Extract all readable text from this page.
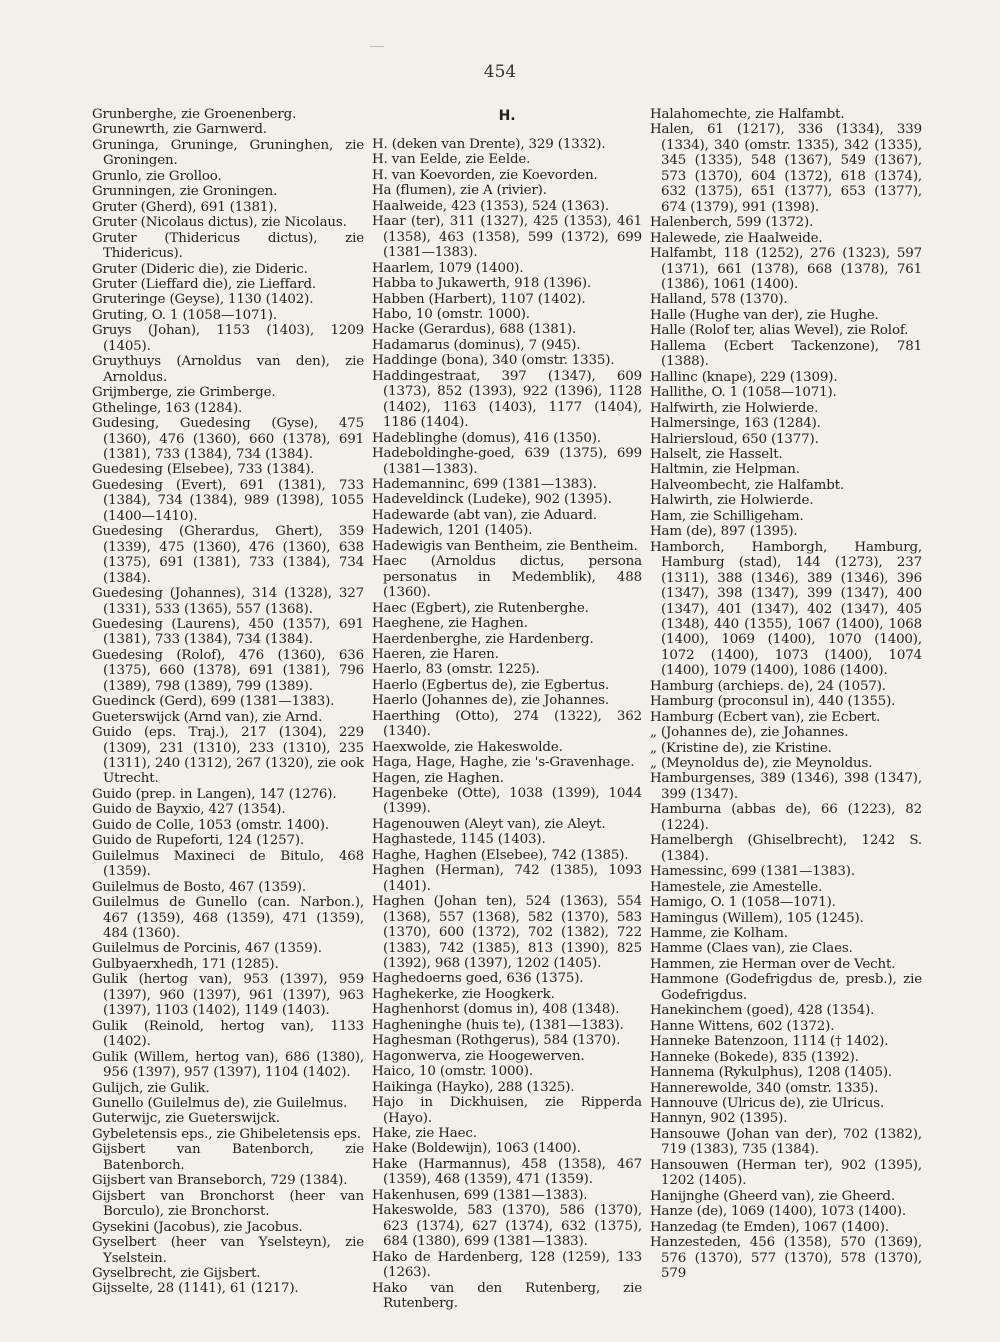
454

Grunberghe, zie Groenenberg.

Grunewrth, zie Garnwerd.

Gruninga, Gruninge, Gruninghen, zie Groningen.

Grunlo, zie Grolloo.

Grunningen, zie Groningen.

Gruter (Gherd), 691 (1381).

Gruter (Nicolaus dictus), zie Nicolaus.

Gruter (Thidericus dictus), zie Thidericus).

Gruter (Dideric die), zie Dideric.

Gruter (Lieffard die), zie Lieffard.

Gruteringe (Geyse), 1130 (1402).

Gruting, O. 1 (1058—1071).

Gruys (Johan), 1153 (1403), 1209 (1405).

Gruythuys (Arnoldus van den), zie Arnoldus.

Grijmberge, zie Grimberge.

Gthelinge, 163 (1284).

Gudesing, Guedesing (Gyse), 475 (1360), 476 (1360), 660 (1378), 691 (1381), 733 (1384), 734 (1384).

Guedesing (Elsebee), 733 (1384).

Guedesing (Evert), 691 (1381), 733 (1384), 734 (1384), 989 (1398), 1055 (1400—1410).

Guedesing (Gherardus, Ghert), 359 (1339), 475 (1360), 476 (1360), 638 (1375), 691 (1381), 733 (1384), 734 (1384).

Guedesing (Johannes), 314 (1328), 327 (1331), 533 (1365), 557 (1368).

Guedesing (Laurens), 450 (1357), 691 (1381), 733 (1384), 734 (1384).

Guedesing (Rolof), 476 (1360), 636 (1375), 660 (1378), 691 (1381), 796 (1389), 798 (1389), 799 (1389).

Guedinck (Gerd), 699 (1381—1383).

Gueterswijck (Arnd van), zie Arnd.

Guido (eps. Traj.), 217 (1304), 229 (1309), 231 (1310), 233 (1310), 235 (1311), 240 (1312), 267 (1320), zie ook Utrecht.

Guido (prep. in Langen), 147 (1276).

Guido de Bayxio, 427 (1354).

Guido de Colle, 1053 (omstr. 1400).

Guido de Rupeforti, 124 (1257).

Guilelmus Maxineci de Bitulo, 468 (1359).

Guilelmus de Bosto, 467 (1359).

Guilelmus de Gunello (can. Narbon.), 467 (1359), 468 (1359), 471 (1359), 484 (1360).

Guilelmus de Porcinis, 467 (1359).

Gulbyaerxhedh, 171 (1285).

Gulik (hertog van), 953 (1397), 959 (1397), 960 (1397), 961 (1397), 963 (1397), 1103 (1402), 1149 (1403).

Gulik (Reinold, hertog van), 1133 (1402).

Gulik (Willem, hertog van), 686 (1380), 956 (1397), 957 (1397), 1104 (1402).

Gulijch, zie Gulik.

Gunello (Guilelmus de), zie Guilelmus.

Guterwijc, zie Gueterswijck.

Gybeletensis eps., zie Ghibeletensis eps.

Gijsbert van Batenborch, zie Batenborch.

Gijsbert van Branseborch, 729 (1384).

Gijsbert van Bronchorst (heer van Borculo), zie Bronchorst.

Gysekini (Jacobus), zie Jacobus.

Gyselbert (heer van Yselsteyn), zie Yselstein.

Gyselbrecht, zie Gijsbert.

Gijsselte, 28 (1141), 61 (1217).

H.

H. (deken van Drente), 329 (1332).

H. van Eelde, zie Eelde.

H. van Koevorden, zie Koevorden.

Ha (flumen), zie A (rivier).

Haalweide, 423 (1353), 524 (1363).

Haar (ter), 311 (1327), 425 (1353), 461 (1358), 463 (1358), 599 (1372), 699 (1381—1383).

Haarlem, 1079 (1400).

Habba to Jukawerth, 918 (1396).

Habben (Harbert), 1107 (1402).

Habo, 10 (omstr. 1000).

Hacke (Gerardus), 688 (1381).

Hadamarus (dominus), 7 (945).

Haddinge (bona), 340 (omstr. 1335).

Haddingestraat, 397 (1347), 609 (1373), 852 (1393), 922 (1396), 1128 (1402), 1163 (1403), 1177 (1404), 1186 (1404).

Hadeblinghe (domus), 416 (1350).

Hadeboldinghe-goed, 639 (1375), 699 (1381—1383).

Hademanninc, 699 (1381—1383).

Hadeveldinck (Ludeke), 902 (1395).

Hadewarde (abt van), zie Aduard.

Hadewich, 1201 (1405).

Hadewigis van Bentheim, zie Bentheim.

Haec (Arnoldus dictus, persona personatus in Medemblik), 488 (1360).

Haec (Egbert), zie Rutenberghe.

Haeghene, zie Haghen.

Haerdenberghe, zie Hardenberg.

Haeren, zie Haren.

Haerlo, 83 (omstr. 1225).

Haerlo (Egbertus de), zie Egbertus.

Haerlo (Johannes de), zie Johannes.

Haerthing (Otto), 274 (1322), 362 (1340).

Haexwolde, zie Hakeswolde.

Haga, Hage, Haghe, zie 's-Gravenhage.

Hagen, zie Haghen.

Hagenbeke (Otte), 1038 (1399), 1044 (1399).

Hagenouwen (Aleyt van), zie Aleyt.

Haghastede, 1145 (1403).

Haghe, Haghen (Elsebee), 742 (1385).

Haghen (Herman), 742 (1385), 1093 (1401).

Haghen (Johan ten), 524 (1363), 554 (1368), 557 (1368), 582 (1370), 583 (1370), 600 (1372), 702 (1382), 722 (1383), 742 (1385), 813 (1390), 825 (1392), 968 (1397), 1202 (1405).

Haghedoerns goed, 636 (1375).

Haghekerke, zie Hoogkerk.

Haghenhorst (domus in), 408 (1348).

Hagheninghe (huis te), (1381—1383).

Haghesman (Rothgerus), 584 (1370).

Hagonwerva, zie Hoogewerven.

Haico, 10 (omstr. 1000).

Haikinga (Hayko), 288 (1325).

Hajo in Dickhuisen, zie Ripperda (Hayo).

Hake, zie Haec.

Hake (Boldewijn), 1063 (1400).

Hake (Harmannus), 458 (1358), 467 (1359), 468 (1359), 471 (1359).

Hakenhusen, 699 (1381—1383).

Hakeswolde, 583 (1370), 586 (1370), 623 (1374), 627 (1374), 632 (1375), 684 (1380), 699 (1381—1383).

Hako de Hardenberg, 128 (1259), 133 (1263).

Hako van den Rutenberg, zie Rutenberg.

Halahomechte, zie Halfambt.

Halen, 61 (1217), 336 (1334), 339 (1334), 340 (omstr. 1335), 342 (1335), 345 (1335), 548 (1367), 549 (1367), 573 (1370), 604 (1372), 618 (1374), 632 (1375), 651 (1377), 653 (1377), 674 (1379), 991 (1398).

Halenberch, 599 (1372).

Halewede, zie Haalweide.

Halfambt, 118 (1252), 276 (1323), 597 (1371), 661 (1378), 668 (1378), 761 (1386), 1061 (1400).

Halland, 578 (1370).

Halle (Hughe van der), zie Hughe.

Halle (Rolof ter, alias Wevel), zie Rolof.

Hallema (Ecbert Tackenzone), 781 (1388).

Hallinc (knape), 229 (1309).

Hallithe, O. 1 (1058—1071).

Halfwirth, zie Holwierde.

Halmersinge, 163 (1284).

Halriersloud, 650 (1377).

Halselt, zie Hasselt.

Haltmin, zie Helpman.

Halveombecht, zie Halfambt.

Halwirth, zie Holwierde.

Ham, zie Schilligeham.

Ham (de), 897 (1395).

Hamborch, Hamborgh, Hamburg, Hamburg (stad), 144 (1273), 237 (1311), 388 (1346), 389 (1346), 396 (1347), 398 (1347), 399 (1347), 400 (1347), 401 (1347), 402 (1347), 405 (1348), 440 (1355), 1067 (1400), 1068 (1400), 1069 (1400), 1070 (1400), 1072 (1400), 1073 (1400), 1074 (1400), 1079 (1400), 1086 (1400).

Hamburg (archieps. de), 24 (1057).

Hamburg (proconsul in), 440 (1355).

Hamburg (Ecbert van), zie Ecbert.

„ (Johannes de), zie Johannes.

„ (Kristine de), zie Kristine.

„ (Meynoldus de), zie Meynoldus.

Hamburgenses, 389 (1346), 398 (1347), 399 (1347).

Hamburna (abbas de), 66 (1223), 82 (1224).

Hamelbergh (Ghiselbrecht), 1242 S. (1384).

Hamessinc, 699 (1381—1383).

Hamestele, zie Amestelle.

Hamigo, O. 1 (1058—1071).

Hamingus (Willem), 105 (1245).

Hamme, zie Kolham.

Hamme (Claes van), zie Claes.

Hammen, zie Herman over de Vecht.

Hammone (Godefrigdus de, presb.), zie Godefrigdus.

Hanekinchem (goed), 428 (1354).

Hanne Wittens, 602 (1372).

Hanneke Batenzoon, 1114 († 1402).

Hanneke (Bokede), 835 (1392).

Hannema (Rykulphus), 1208 (1405).

Hannerewolde, 340 (omstr. 1335).

Hannouve (Ulricus de), zie Ulricus.

Hannyn, 902 (1395).

Hansouwe (Johan van der), 702 (1382), 719 (1383), 735 (1384).

Hansouwen (Herman ter), 902 (1395), 1202 (1405).

Hanijnghe (Gheerd van), zie Gheerd.

Hanze (de), 1069 (1400), 1073 (1400).

Hanzedag (te Emden), 1067 (1400).

Hanzesteden, 456 (1358), 570 (1369), 576 (1370), 577 (1370), 578 (1370), 579
